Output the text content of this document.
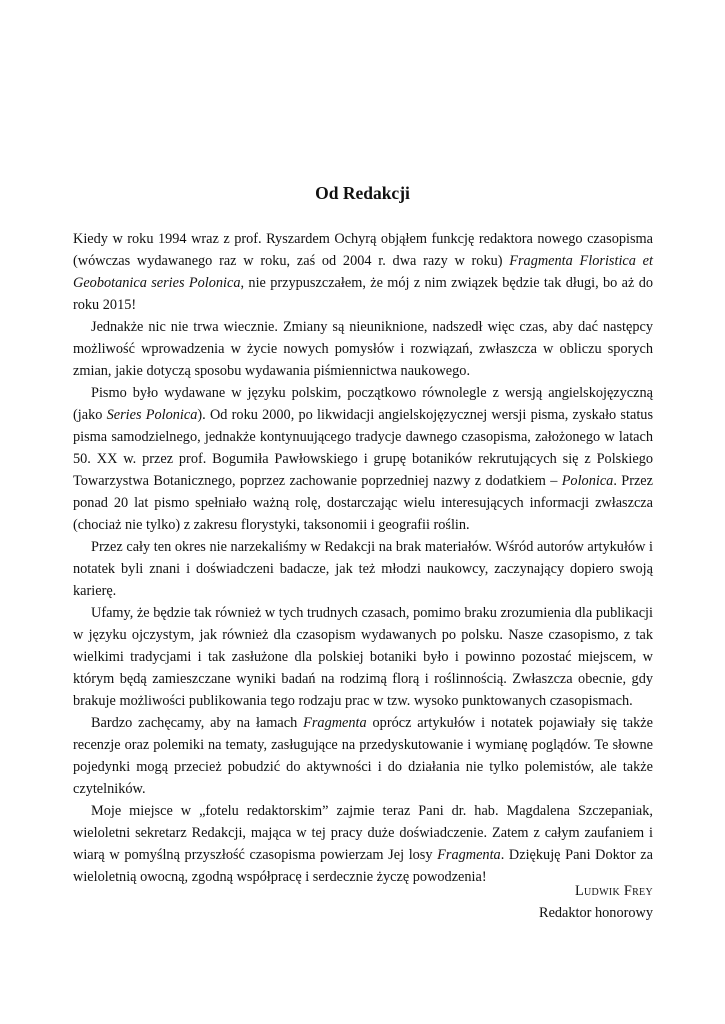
Od Redakcji

Kiedy w roku 1994 wraz z prof. Ryszardem Ochyrą objąłem funkcję redaktora nowego czasopisma (wówczas wydawanego raz w roku, zaś od 2004 r. dwa razy w roku) Fragmenta Floristica et Geobotanica series Polonica, nie przypuszczałem, że mój z nim związek będzie tak długi, bo aż do roku 2015!

Jednakże nic nie trwa wiecznie. Zmiany są nieuniknione, nadszedł więc czas, aby dać następcy możliwość wprowadzenia w życie nowych pomysłów i rozwiązań, zwłaszcza w obliczu sporych zmian, jakie dotyczą sposobu wydawania piśmiennictwa naukowego.

Pismo było wydawane w języku polskim, początkowo równolegle z wersją angielskojęzyczną (jako Series Polonica). Od roku 2000, po likwidacji angielskojęzycznej wersji pisma, zyskało status pisma samodzielnego, jednakże kontynuującego tradycje dawnego czasopisma, założonego w latach 50. XX w. przez prof. Bogumiła Pawłowskiego i grupę botaników rekrutujących się z Polskiego Towarzystwa Botanicznego, poprzez zachowanie poprzedniej nazwy z dodatkiem – Polonica. Przez ponad 20 lat pismo spełniało ważną rolę, dostarczając wielu interesujących informacji zwłaszcza (chociaż nie tylko) z zakresu florystyki, taksonomii i geografii roślin.

Przez cały ten okres nie narzekaliśmy w Redakcji na brak materiałów. Wśród autorów artykułów i notatek byli znani i doświadczeni badacze, jak też młodzi naukowcy, zaczynający dopiero swoją karierę.

Ufamy, że będzie tak również w tych trudnych czasach, pomimo braku zrozumienia dla publikacji w języku ojczystym, jak również dla czasopism wydawanych po polsku. Nasze czasopismo, z tak wielkimi tradycjami i tak zasłużone dla polskiej botaniki było i powinno pozostać miejscem, w którym będą zamieszczane wyniki badań na rodzimą florą i roślinnością. Zwłaszcza obecnie, gdy brakuje możliwości publikowania tego rodzaju prac w tzw. wysoko punktowanych czasopismach.

Bardzo zachęcamy, aby na łamach Fragmenta oprócz artykułów i notatek pojawiały się także recenzje oraz polemiki na tematy, zasługujące na przedyskutowanie i wymianę poglądów. Te słowne pojedynki mogą przecież pobudzić do aktywności i do działania nie tylko polemistów, ale także czytelników.

Moje miejsce w „fotelu redaktorskim” zajmie teraz Pani dr. hab. Magdalena Szczepaniak, wieloletni sekretarz Redakcji, mająca w tej pracy duże doświadczenie. Zatem z całym zaufaniem i wiarą w pomyślną przyszłość czasopisma powierzam Jej losy Fragmenta. Dziękuję Pani Doktor za wieloletnią owocną, zgodną współpracę i serdecznie życzę powodzenia!

Ludwik Frey
Redaktor honorowy
